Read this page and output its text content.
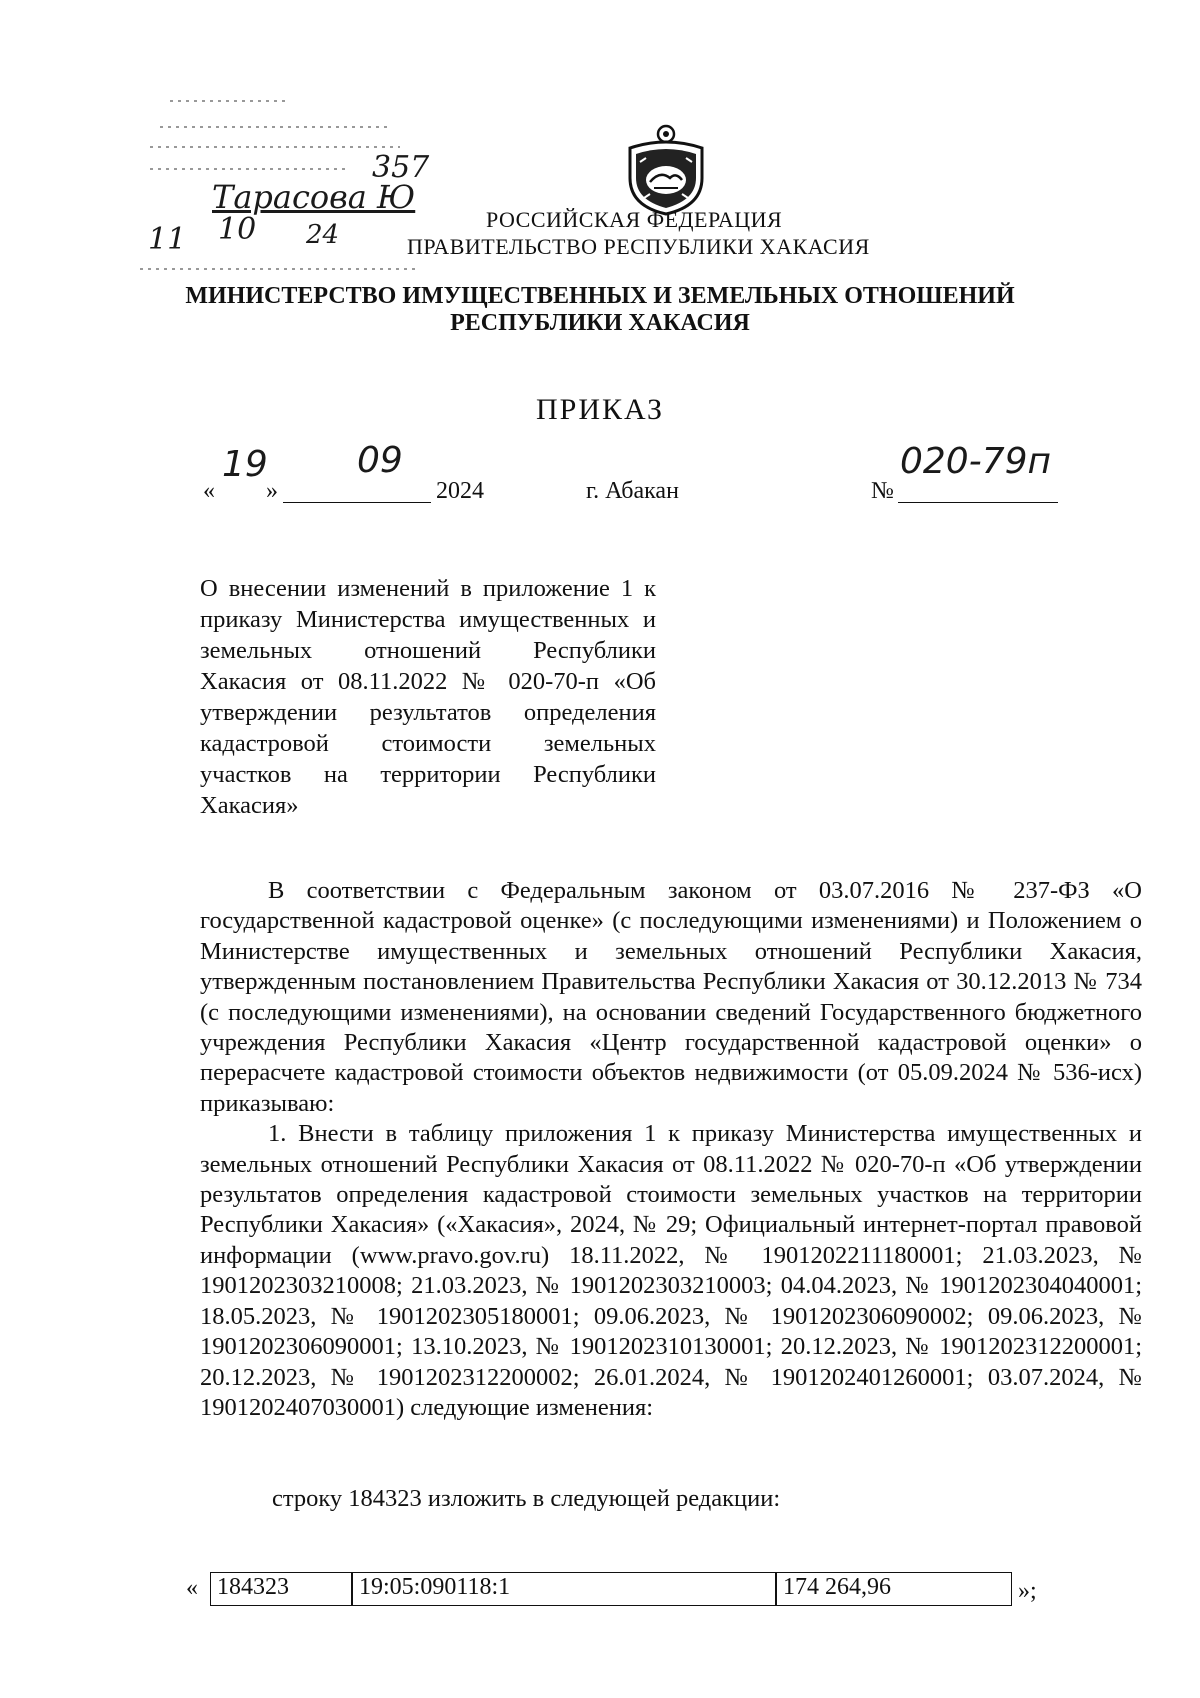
357
Тарасова Ю
11 10 24
РОССИЙСКАЯ ФЕДЕРАЦИЯ
ПРАВИТЕЛЬСТВО РЕСПУБЛИКИ ХАКАСИЯ
МИНИСТЕРСТВО ИМУЩЕСТВЕННЫХ И ЗЕМЕЛЬНЫХ ОТНОШЕНИЙ
РЕСПУБЛИКИ ХАКАСИЯ
ПРИКАЗ
«
19
»
09
2024	г. Абакан	№
020-79п
О внесении изменений в приложение 1 к приказу Министерства имущественных и земельных отношений Республики Хакасия от 08.11.2022 № 020-70-п «Об утверждении результатов определения кадастровой стоимости земельных участков на территории Республики Хакасия»

В соответствии с Федеральным законом от 03.07.2016 № 237-ФЗ «О государственной кадастровой оценке» (с последующими изменениями) и Положением о Министерстве имущественных и земельных отношений Республики Хакасия, утвержденным постановлением Правительства Республики Хакасия от 30.12.2013 № 734 (с последующими изменениями), на основании сведений Государственного бюджетного учреждения Республики Хакасия «Центр государственной кадастровой оценки» о перерасчете кадастровой стоимости объектов недвижимости (от 05.09.2024 № 536-исх) приказываю:

1. Внести в таблицу приложения 1 к приказу Министерства имущественных и земельных отношений Республики Хакасия от 08.11.2022 № 020-70-п «Об утверждении результатов определения кадастровой стоимости земельных участков на территории Республики Хакасия» («Хакасия», 2024, № 29; Официальный интернет-портал правовой информации (www.pravo.gov.ru) 18.11.2022, № 1901202211180001; 21.03.2023, № 1901202303210008; 21.03.2023, № 1901202303210003; 04.04.2023, № 1901202304040001; 18.05.2023, № 1901202305180001; 09.06.2023, № 1901202306090002; 09.06.2023, № 1901202306090001; 13.10.2023, № 1901202310130001; 20.12.2023, № 1901202312200001; 20.12.2023, № 1901202312200002; 26.01.2024, № 1901202401260001; 03.07.2024, № 1901202407030001) следующие изменения:

строку 184323 изложить в следующей редакции:
« 184323	19:05:090118:1	174 264,96	»;
